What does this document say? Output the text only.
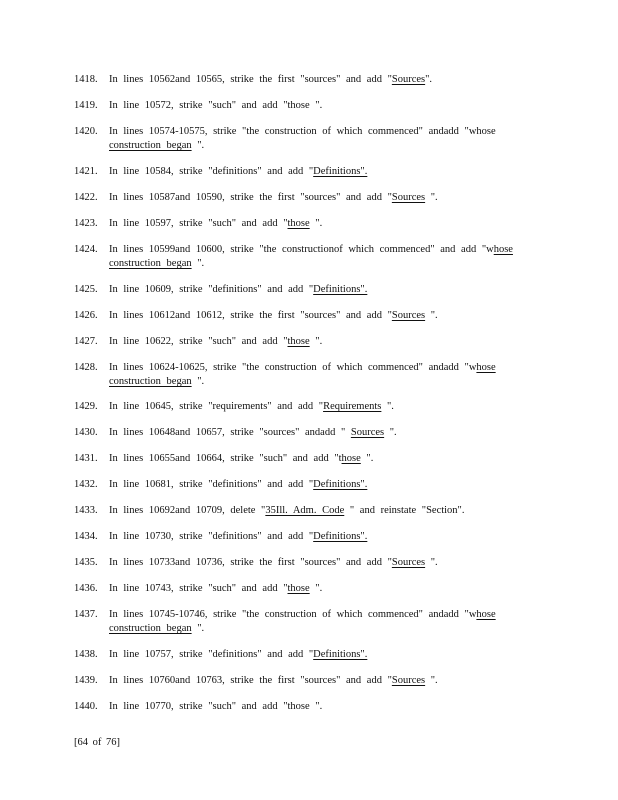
1418.	In lines 10562and 10565, strike the first "sources" and add "Sources".
1419.	In line 10572, strike "such" and add "those ".
1420.	In lines 10574-10575, strike "the construction of which commenced" andadd "whose construction began ".
1421.	In line 10584, strike "definitions" and add "Definitions".
1422.	In lines 10587and 10590, strike the first "sources" and add "Sources ".
1423.	In line 10597, strike "such" and add "those ".
1424.	In lines 10599and 10600, strike "the constructionof which commenced" and add "whose construction began ".
1425.	In line 10609, strike "definitions" and add "Definitions".
1426.	In lines 10612and 10612, strike the first "sources" and add "Sources ".
1427.	In line 10622, strike "such" and add "those ".
1428.	In lines 10624-10625, strike "the construction of which commenced" andadd "whose construction began ".
1429.	In line 10645, strike "requirements" and add "Requirements ".
1430.	In lines 10648and 10657, strike "sources" andadd " Sources ".
1431.	In lines 10655and 10664, strike "such" and add "those ".
1432.	In line 10681, strike "definitions" and add "Definitions".
1433.	In lines 10692and 10709, delete "35Ill. Adm. Code " and reinstate "Section".
1434.	In line 10730, strike "definitions" and add "Definitions".
1435.	In lines 10733and 10736, strike the first "sources" and add "Sources ".
1436.	In line 10743, strike "such" and add "those ".
1437.	In lines 10745-10746, strike "the construction of which commenced" andadd "whose construction began ".
1438.	In line 10757, strike "definitions" and add "Definitions".
1439.	In lines 10760and 10763, strike the first "sources" and add "Sources ".
1440.	In line 10770, strike "such" and add "those ".
[64 of 76]
